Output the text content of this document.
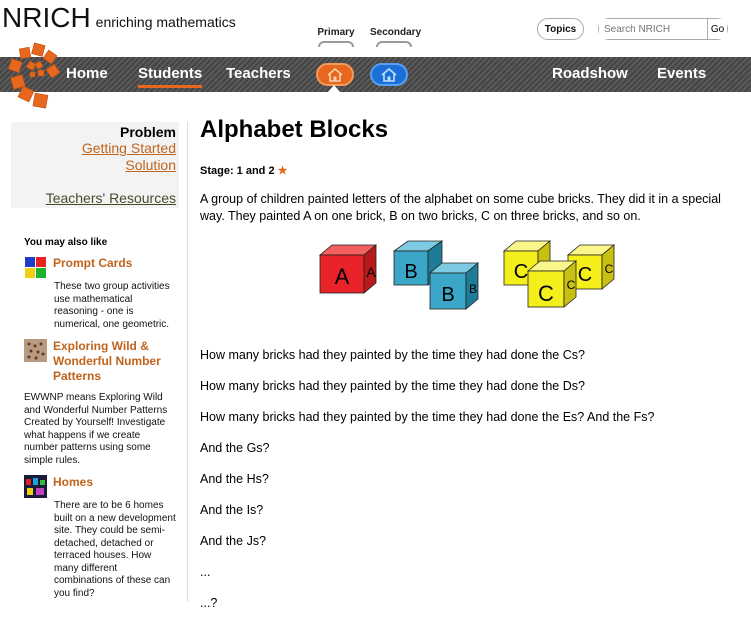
NRICH enriching mathematics
Primary	Secondary	Topics
Search NRICH	Go
Home Students Teachers	Roadshow Events
Problem
Getting Started
Solution
Teachers' Resources
You may also like
Prompt Cards
These two group activities use mathematical reasoning - one is numerical, one geometric.
Exploring Wild & Wonderful Number Patterns
EWWNP means Exploring Wild and Wonderful Number Patterns Created by Yourself! Investigate what happens if we create number patterns using some simple rules.
Homes
There are to be 6 homes built on a new development site. They could be semi-detached, detached or terraced houses. How many different combinations of these can you find?
Alphabet Blocks
Stage: 1 and 2 ★
A group of children painted letters of the alphabet on some cube bricks. They did it in a special way. They painted A on one brick, B on two bricks, C on three bricks, and so on.
A A B
B B
C C C
C C
How many bricks had they painted by the time they had done the Cs?
How many bricks had they painted by the time they had done the Ds?
How many bricks had they painted by the time they had done the Es? And the Fs?
And the Gs?
And the Hs?
And the Is?
And the Js?
...
...?
